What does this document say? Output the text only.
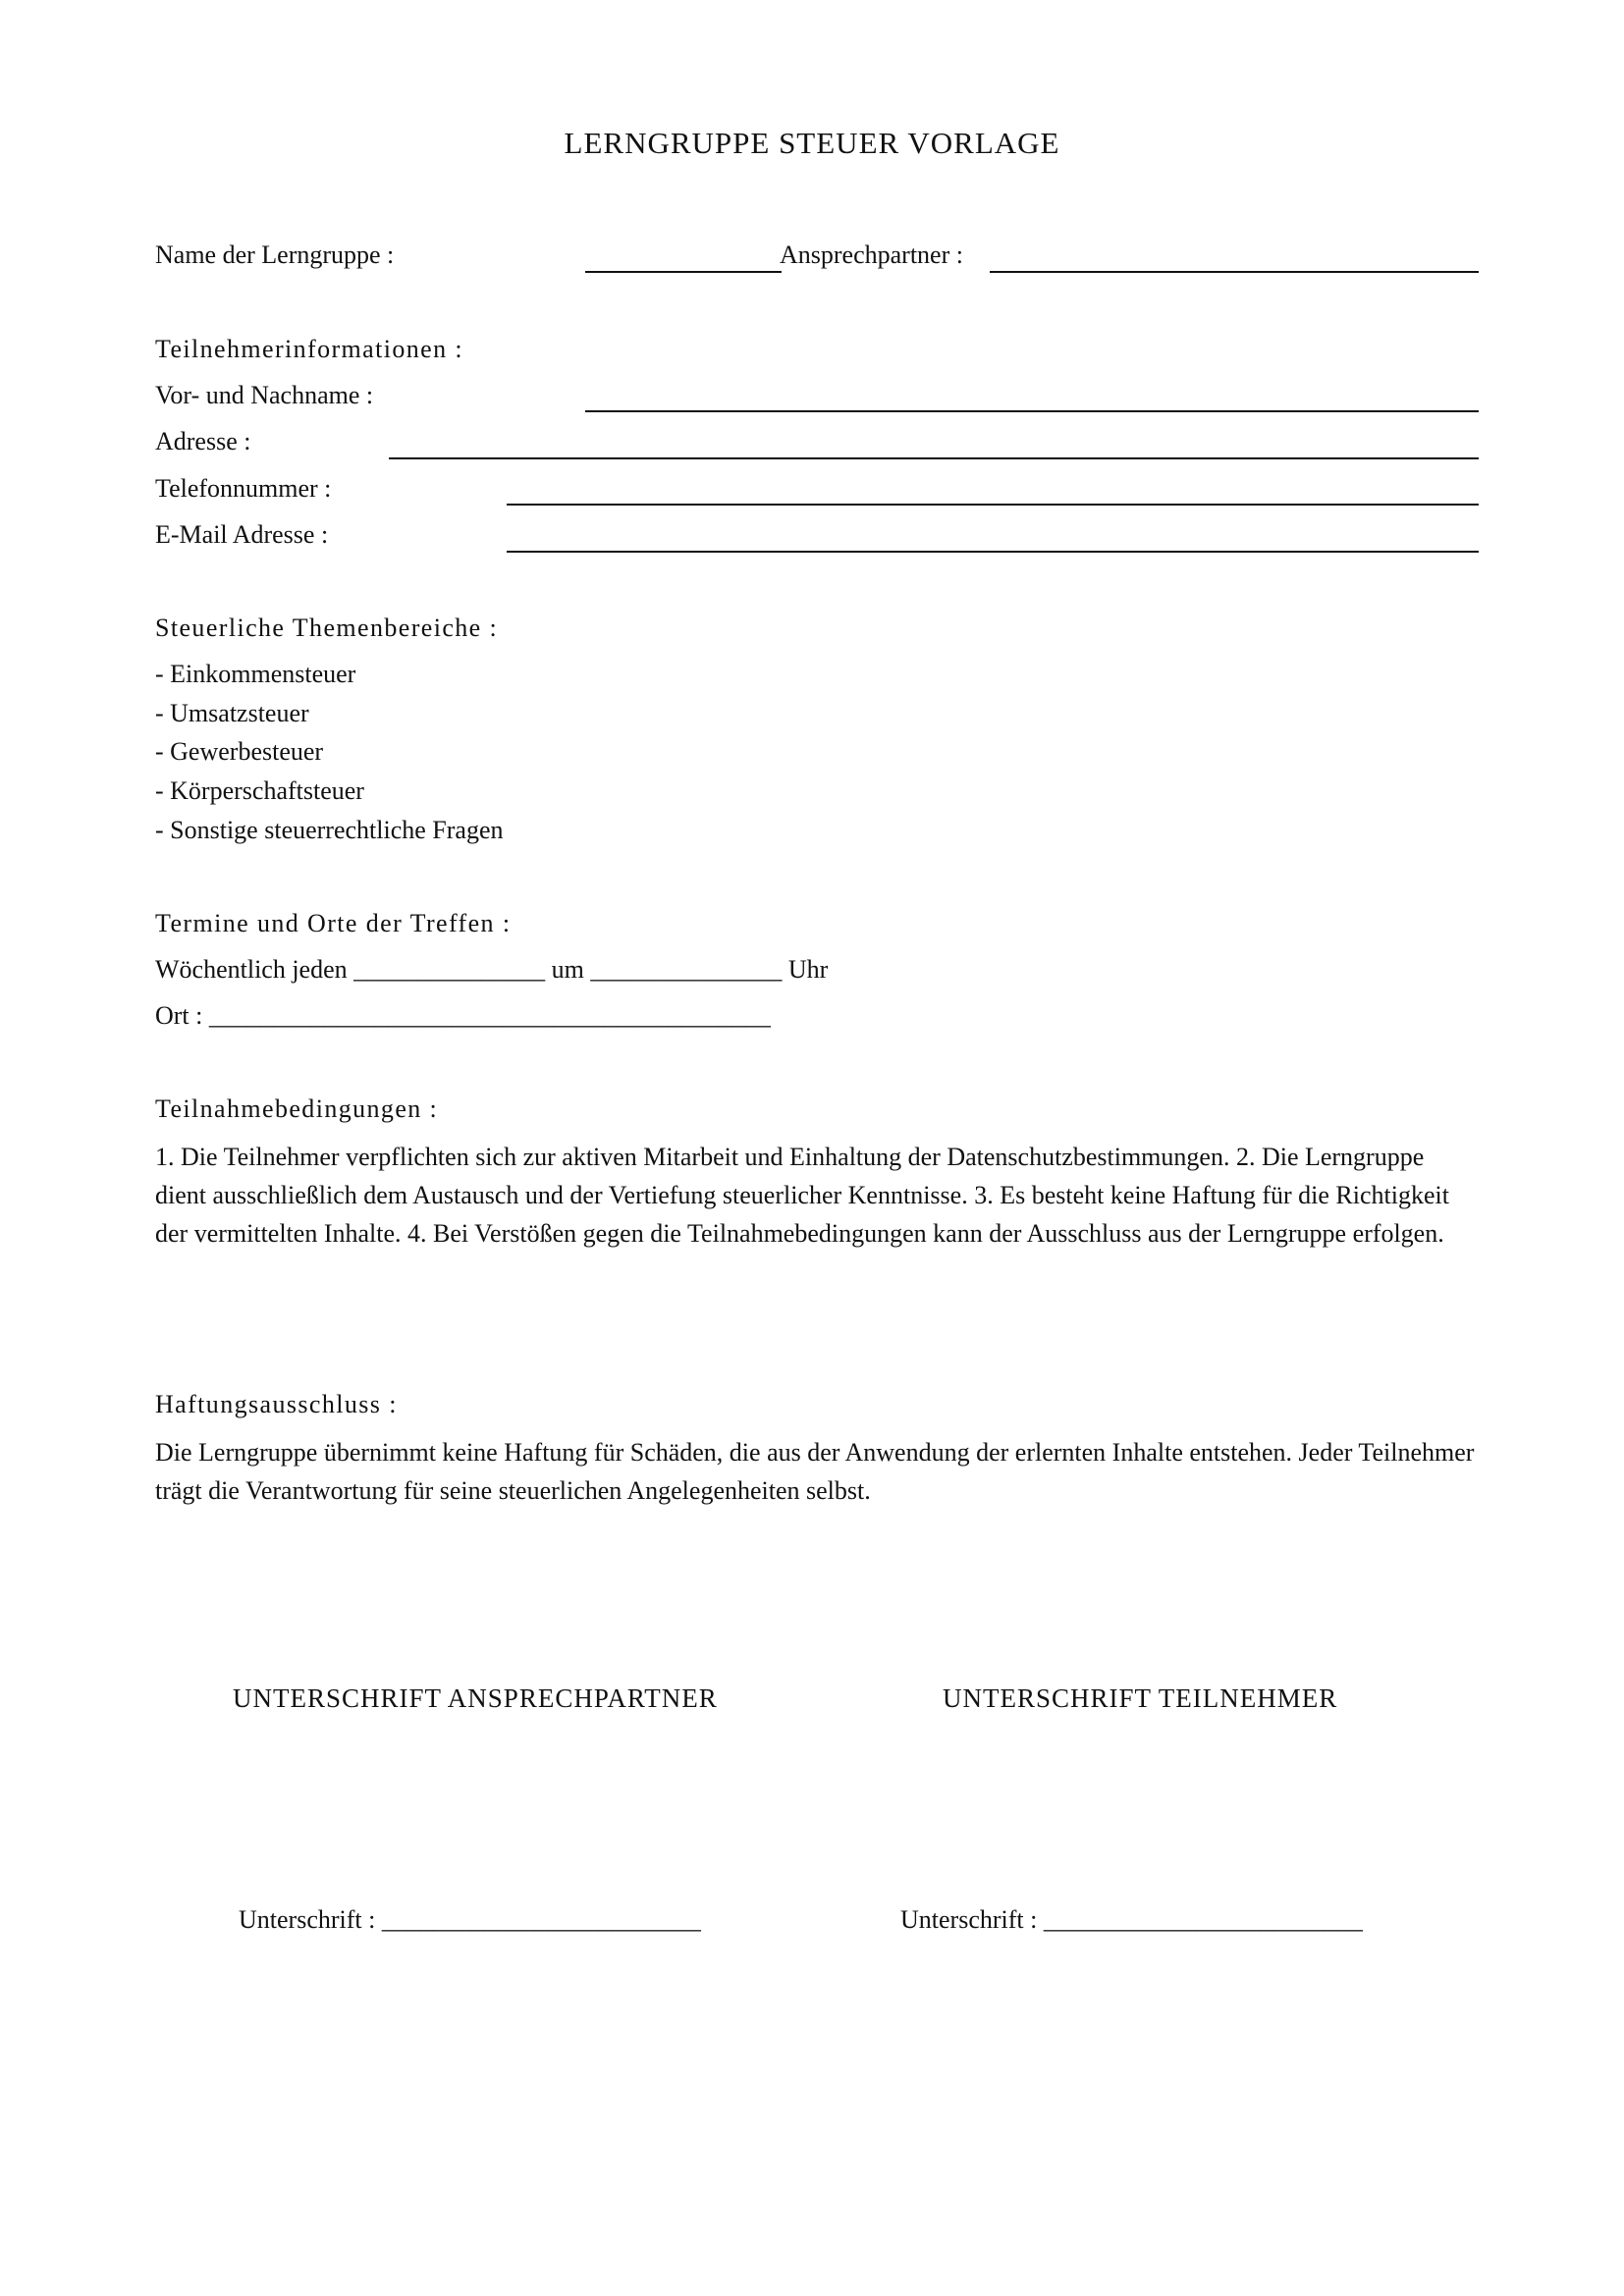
LERNGRUPPE STEUER VORLAGE
Name der Lerngruppe :	Ansprechpartner :
Teilnehmerinformationen :
Vor- und Nachname :
Adresse :
Telefonnummer :
E-Mail Adresse :
Steuerliche Themenbereiche :
- Einkommensteuer
- Umsatzsteuer
- Gewerbesteuer
- Körperschaftsteuer
- Sonstige steuerrechtliche Fragen
Termine und Orte der Treffen :
Wöchentlich jeden _______________ um _______________ Uhr
Ort : ____________________________________________
Teilnahmebedingungen :
1. Die Teilnehmer verpflichten sich zur aktiven Mitarbeit und Einhaltung der Datenschutzbestimmungen. 2. Die Lerngruppe dient ausschließlich dem Austausch und der Vertiefung steuerlicher Kenntnisse. 3. Es besteht keine Haftung für die Richtigkeit der vermittelten Inhalte. 4. Bei Verstößen gegen die Teilnahmebedingungen kann der Ausschluss aus der Lerngruppe erfolgen.
Haftungsausschluss :
Die Lerngruppe übernimmt keine Haftung für Schäden, die aus der Anwendung der erlernten Inhalte entstehen. Jeder Teilnehmer trägt die Verantwortung für seine steuerlichen Angelegenheiten selbst.
UNTERSCHRIFT ANSPRECHPARTNER	UNTERSCHRIFT TEILNEHMER
Unterschrift : _________________________	Unterschrift : _________________________
